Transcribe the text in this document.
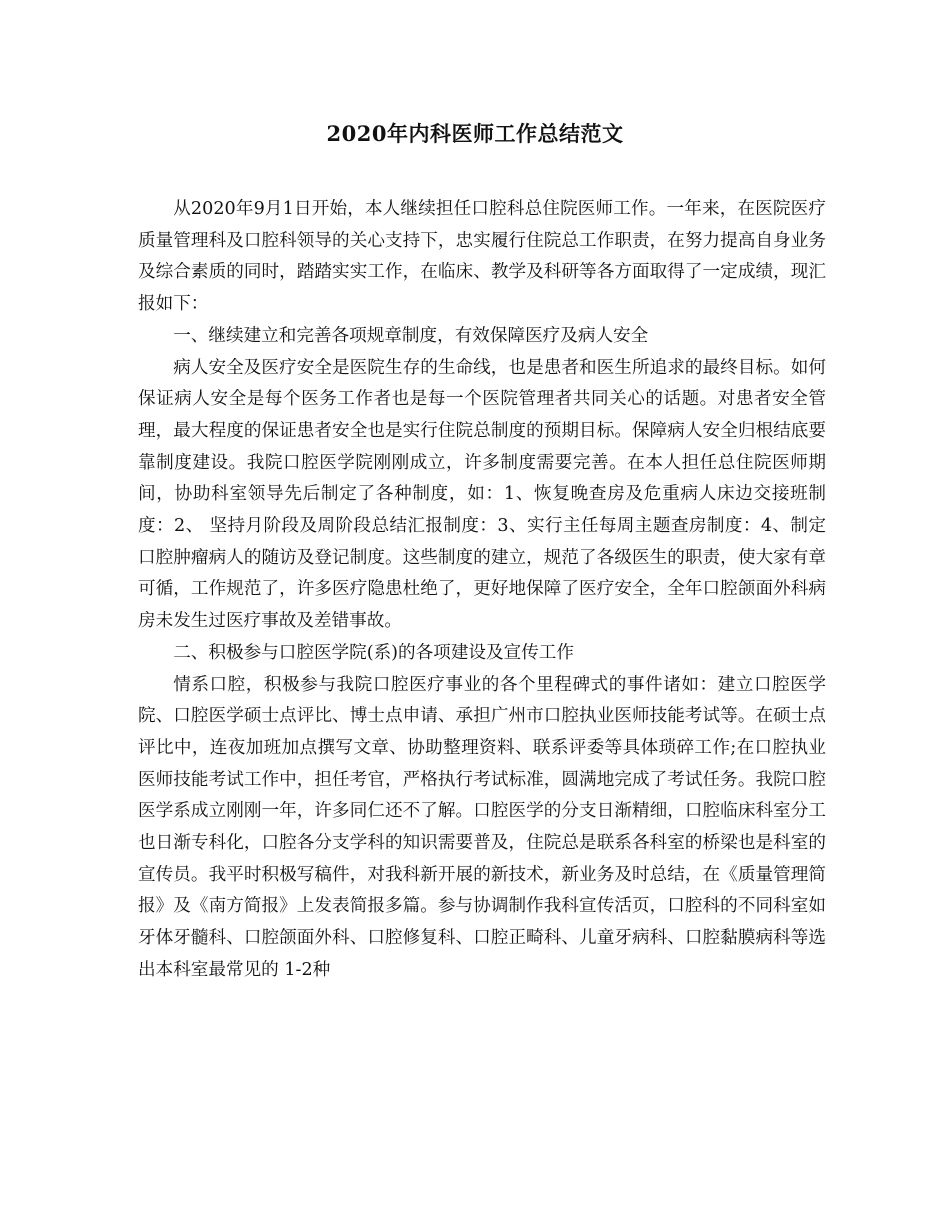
2020年内科医师工作总结范文

从2020年9月1日开始，本人继续担任口腔科总住院医师工作。一年来，在医院医疗质量管理科及口腔科领导的关心支持下，忠实履行住院总工作职责，在努力提高自身业务及综合素质的同时，踏踏实实工作，在临床、教学及科研等各方面取得了一定成绩，现汇报如下：

一、继续建立和完善各项规章制度，有效保障医疗及病人安全

病人安全及医疗安全是医院生存的生命线，也是患者和医生所追求的最终目标。如何保证病人安全是每个医务工作者也是每一个医院管理者共同关心的话题。对患者安全管理，最大程度的保证患者安全也是实行住院总制度的预期目标。保障病人安全归根结底要靠制度建设。我院口腔医学院刚刚成立，许多制度需要完善。在本人担任总住院医师期间，协助科室领导先后制定了各种制度，如：1、恢复晚查房及危重病人床边交接班制度：2、 坚持月阶段及周阶段总结汇报制度：3、实行主任每周主题查房制度：4、制定口腔肿瘤病人的随访及登记制度。这些制度的建立，规范了各级医生的职责，使大家有章可循，工作规范了，许多医疗隐患杜绝了，更好地保障了医疗安全，全年口腔颌面外科病房未发生过医疗事故及差错事故。

二、积极参与口腔医学院(系)的各项建设及宣传工作

情系口腔，积极参与我院口腔医疗事业的各个里程碑式的事件诸如：建立口腔医学院、口腔医学硕士点评比、博士点申请、承担广州市口腔执业医师技能考试等。在硕士点评比中，连夜加班加点撰写文章、协助整理资料、联系评委等具体琐碎工作;在口腔执业医师技能考试工作中，担任考官，严格执行考试标准，圆满地完成了考试任务。我院口腔医学系成立刚刚一年，许多同仁还不了解。口腔医学的分支日渐精细，口腔临床科室分工也日渐专科化，口腔各分支学科的知识需要普及，住院总是联系各科室的桥梁也是科室的宣传员。我平时积极写稿件，对我科新开展的新技术，新业务及时总结，在《质量管理简报》及《南方简报》上发表简报多篇。参与协调制作我科宣传活页，口腔科的不同科室如牙体牙髓科、口腔颌面外科、口腔修复科、口腔正畸科、儿童牙病科、口腔黏膜病科等选出本科室最常见的 1-2种
